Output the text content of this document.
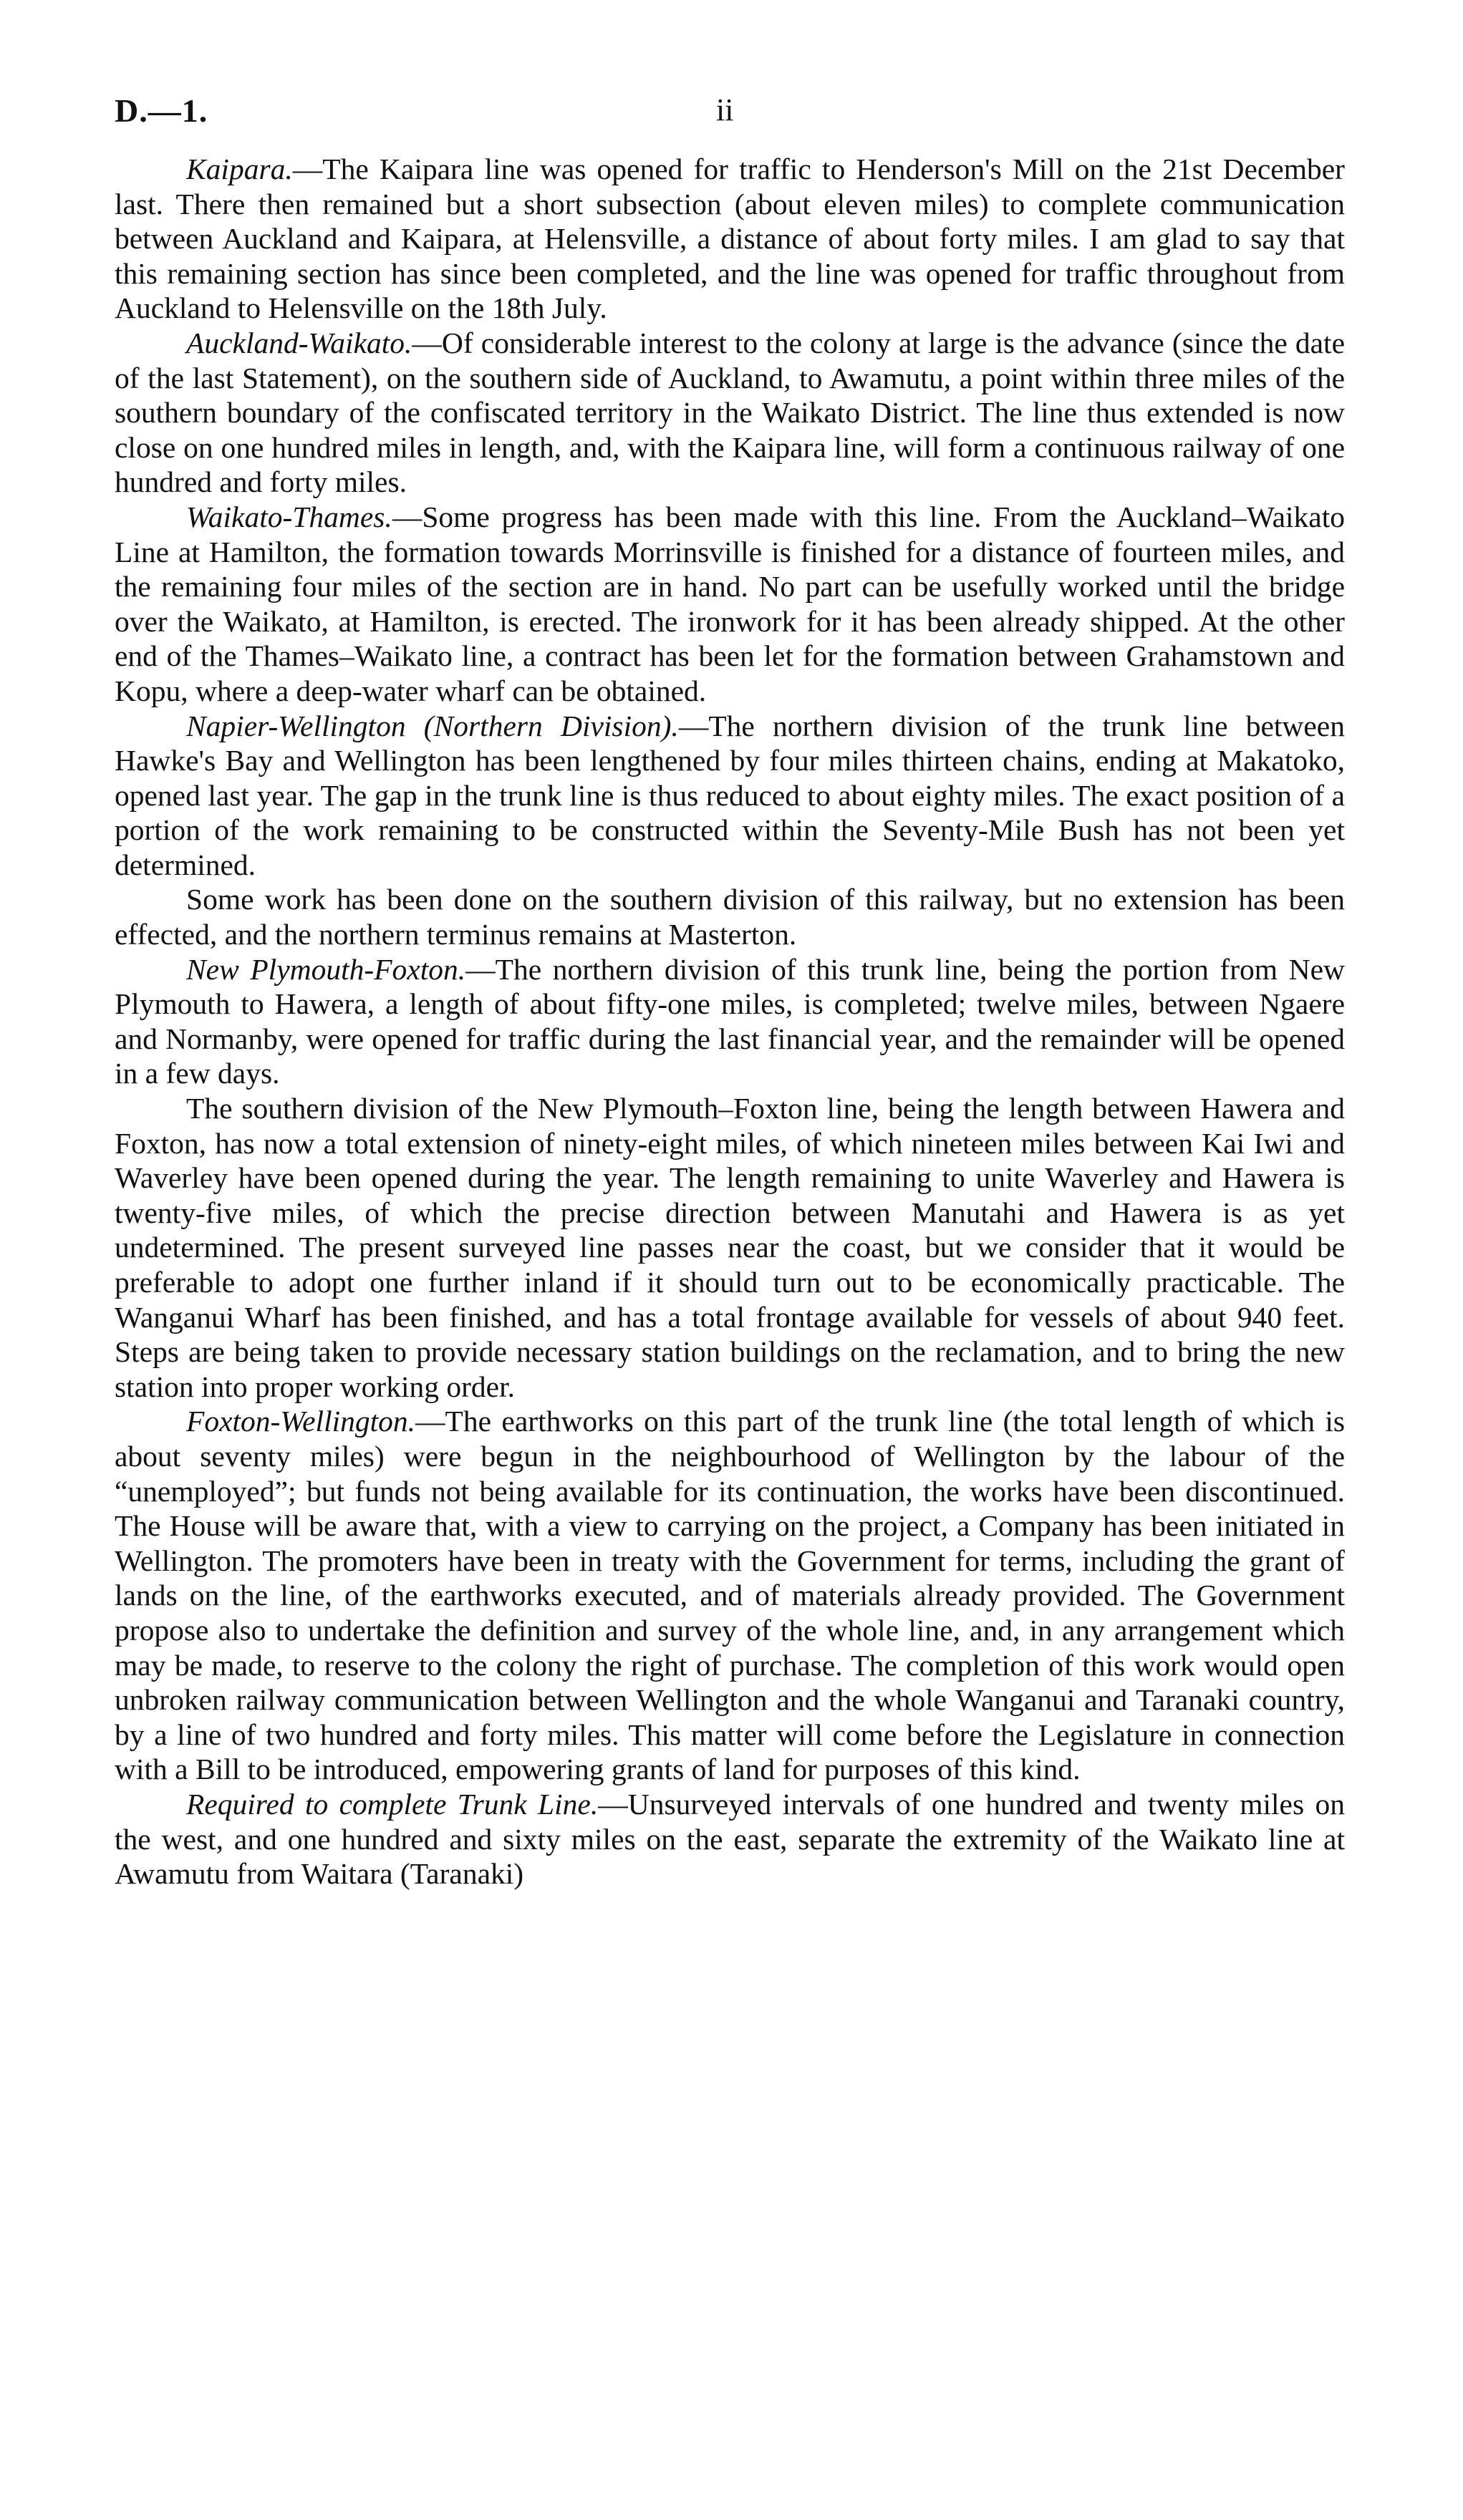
D.—1.	ii

Kaipara.—The Kaipara line was opened for traffic to Henderson's Mill on the 21st December last. There then remained but a short subsection (about eleven miles) to complete communication between Auckland and Kaipara, at Helensville, a distance of about forty miles. I am glad to say that this remaining section has since been completed, and the line was opened for traffic throughout from Auckland to Helensville on the 18th July.

Auckland-Waikato.—Of considerable interest to the colony at large is the advance (since the date of the last Statement), on the southern side of Auckland, to Awamutu, a point within three miles of the southern boundary of the confiscated territory in the Waikato District. The line thus extended is now close on one hundred miles in length, and, with the Kaipara line, will form a continuous railway of one hundred and forty miles.

Waikato-Thames.—Some progress has been made with this line. From the Auckland–Waikato Line at Hamilton, the formation towards Morrinsville is finished for a distance of fourteen miles, and the remaining four miles of the section are in hand. No part can be usefully worked until the bridge over the Waikato, at Hamilton, is erected. The ironwork for it has been already shipped. At the other end of the Thames–Waikato line, a contract has been let for the formation between Grahamstown and Kopu, where a deep-water wharf can be obtained.

Napier-Wellington (Northern Division).—The northern division of the trunk line between Hawke's Bay and Wellington has been lengthened by four miles thirteen chains, ending at Makatoko, opened last year. The gap in the trunk line is thus reduced to about eighty miles. The exact position of a portion of the work remaining to be constructed within the Seventy-Mile Bush has not been yet determined.

Some work has been done on the southern division of this railway, but no extension has been effected, and the northern terminus remains at Masterton.

New Plymouth-Foxton.—The northern division of this trunk line, being the portion from New Plymouth to Hawera, a length of about fifty-one miles, is completed; twelve miles, between Ngaere and Normanby, were opened for traffic during the last financial year, and the remainder will be opened in a few days.

The southern division of the New Plymouth–Foxton line, being the length between Hawera and Foxton, has now a total extension of ninety-eight miles, of which nineteen miles between Kai Iwi and Waverley have been opened during the year. The length remaining to unite Waverley and Hawera is twenty-five miles, of which the precise direction between Manutahi and Hawera is as yet undetermined. The present surveyed line passes near the coast, but we consider that it would be preferable to adopt one further inland if it should turn out to be economically practicable. The Wanganui Wharf has been finished, and has a total frontage available for vessels of about 940 feet. Steps are being taken to provide necessary station buildings on the reclamation, and to bring the new station into proper working order.

Foxton-Wellington.—The earthworks on this part of the trunk line (the total length of which is about seventy miles) were begun in the neighbourhood of Wellington by the labour of the “unemployed”; but funds not being available for its continuation, the works have been discontinued. The House will be aware that, with a view to carrying on the project, a Company has been initiated in Wellington. The promoters have been in treaty with the Government for terms, including the grant of lands on the line, of the earthworks executed, and of materials already provided. The Government propose also to undertake the definition and survey of the whole line, and, in any arrangement which may be made, to reserve to the colony the right of purchase. The completion of this work would open unbroken railway communication between Wellington and the whole Wanganui and Taranaki country, by a line of two hundred and forty miles. This matter will come before the Legislature in connection with a Bill to be introduced, empowering grants of land for purposes of this kind.

Required to complete Trunk Line.—Unsurveyed intervals of one hundred and twenty miles on the west, and one hundred and sixty miles on the east, separate the extremity of the Waikato line at Awamutu from Waitara (Taranaki)
